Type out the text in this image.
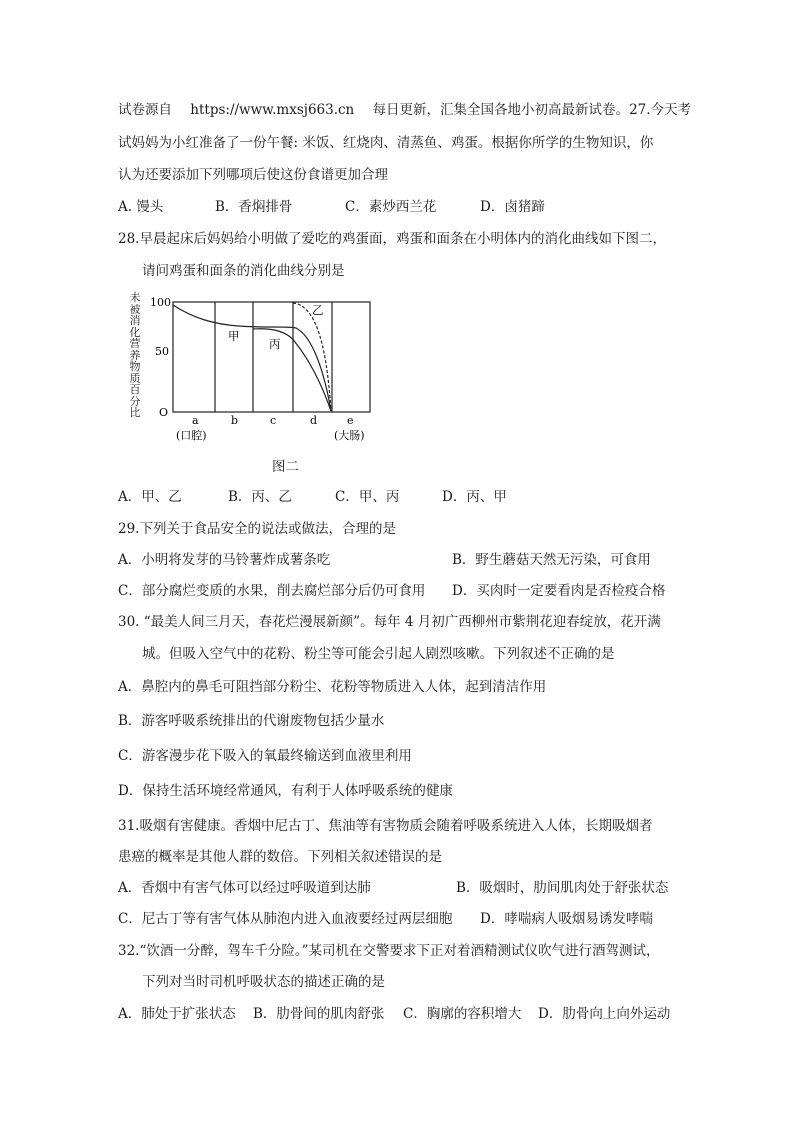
试卷源自 https://www.mxsj663.cn 每日更新，汇集全国各地小初高最新试卷。27.今天考
试妈妈为小红准备了一份午餐: 米饭、红烧肉、清蒸鱼、鸡蛋。根据你所学的生物知识，你
认为还要添加下列哪项后使这份食谱更加合理
A. 馒头	B．香焖排骨	C．素炒西兰花	D．卤猪蹄
28.早晨起床后妈妈给小明做了爱吃的鸡蛋面，鸡蛋和面条在小明体内的消化曲线如下图二，
请问鸡蛋和面条的消化曲线分别是
未
被
消
化
营
养
物
质
百
分
比
100
50
O
甲
乙
丙
a	b	c	d	e
(口腔)	(大肠)
图二
A．甲、乙	B．丙、乙	C．甲、丙	D．丙、甲
29.下列关于食品安全的说法或做法，合理的是
A．小明将发芽的马铃薯炸成薯条吃	B．野生蘑菇天然无污染，可食用
C．部分腐烂变质的水果，削去腐烂部分后仍可食用 D．买肉时一定要看肉是否检疫合格
30. “最美人间三月天，春花烂漫展新颜”。每年 4 月初广西柳州市紫荆花迎春绽放，花开满
城。但吸入空气中的花粉、粉尘等可能会引起人剧烈咳嗽。下列叙述不正确的是
A．鼻腔内的鼻毛可阻挡部分粉尘、花粉等物质进入人体，起到清洁作用
B．游客呼吸系统排出的代谢废物包括少量水
C．游客漫步花下吸入的氧最终输送到血液里利用
D．保持生活环境经常通风，有利于人体呼吸系统的健康
31.吸烟有害健康。香烟中尼古丁、焦油等有害物质会随着呼吸系统进入人体，长期吸烟者
患癌的概率是其他人群的数倍。下列相关叙述错误的是
A．香烟中有害气体可以经过呼吸道到达肺	B．吸烟时，肋间肌肉处于舒张状态
C．尼古丁等有害气体从肺泡内进入血液要经过两层细胞 D．哮喘病人吸烟易诱发哮喘
32.“饮酒一分醉，驾车千分险。”某司机在交警要求下正对着酒精测试仪吹气进行酒驾测试，
下列对当时司机呼吸状态的描述正确的是
A．肺处于扩张状态 B．肋骨间的肌肉舒张 C．胸廓的容积增大 D．肋骨向上向外运动
